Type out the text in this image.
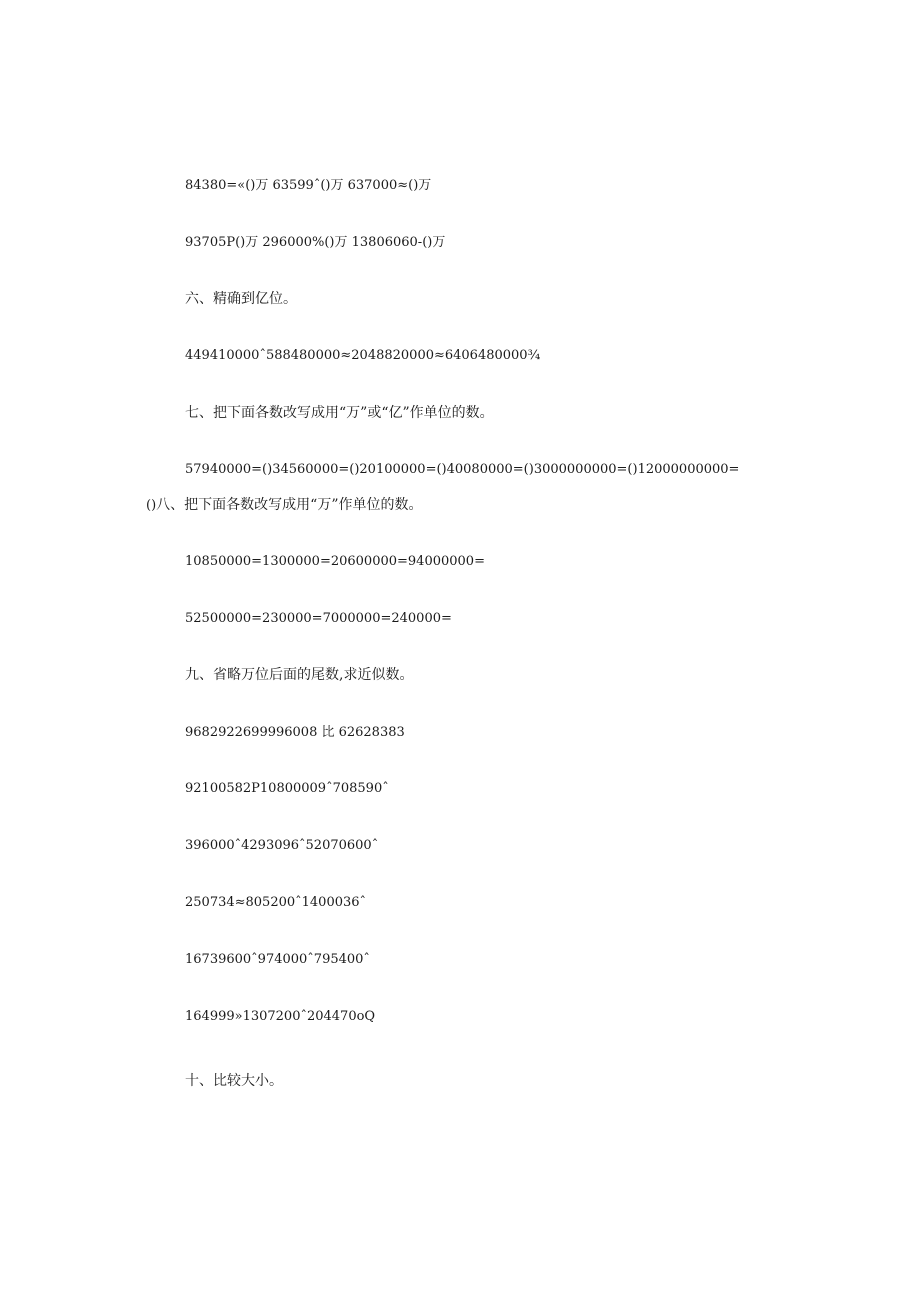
84380=«()万 63599ˆ()万 637000≈()万
93705P()万 296000%()万 13806060-()万
六、精确到亿位。
449410000ˆ588480000≈2048820000≈6406480000¾
七、把下面各数改写成用“万”或“亿”作单位的数。
57940000=()34560000=()20100000=()40080000=()3000000000=()12000000000=
()八、把下面各数改写成用“万”作单位的数。
10850000=1300000=20600000=94000000=
52500000=230000=7000000=240000=
九、省略万位后面的尾数,求近似数。
9682922699996008 比 62628383
92100582P10800009ˆ708590ˆ
396000ˆ4293096ˆ52070600ˆ
250734≈805200ˆ1400036ˆ
16739600ˆ974000ˆ795400ˆ
164999»1307200ˆ204470oQ
十、比较大小。
